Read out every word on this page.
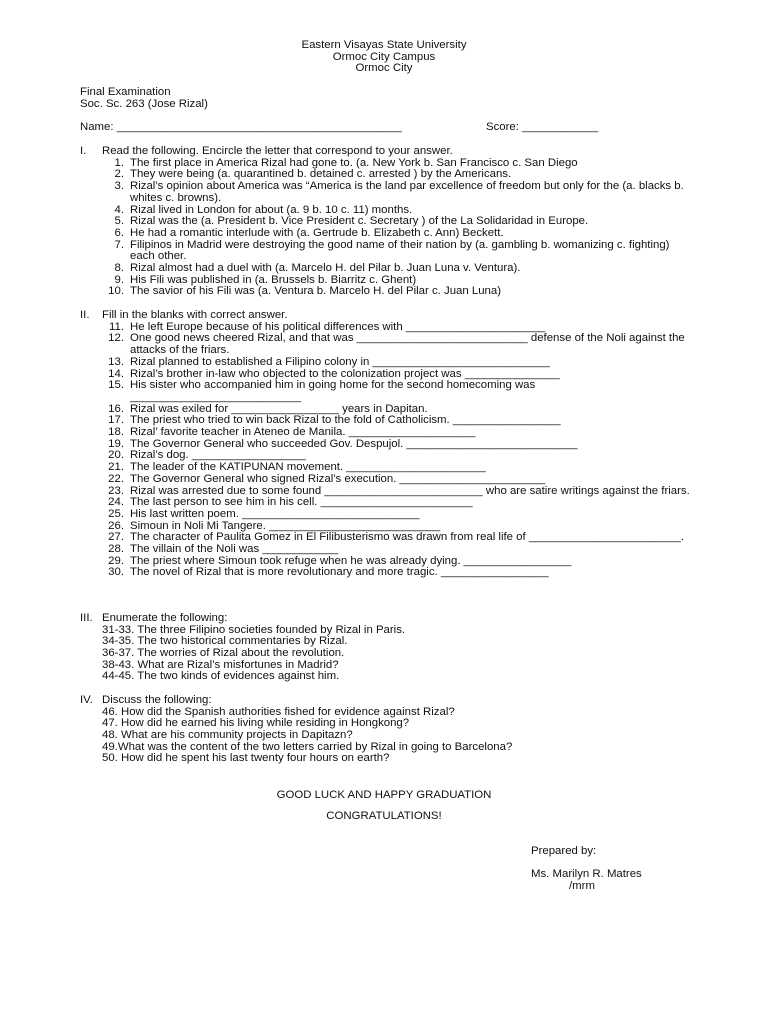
Eastern Visayas State University
Ormoc City Campus
Ormoc City
Final Examination
Soc. Sc. 263 (Jose Rizal)
Name: _____________________________________________	Score: ____________
I. Read the following. Encircle the letter that correspond to your answer.
1. The first place in America Rizal had gone to. (a. New York b. San Francisco c. San Diego
2. They were being (a. quarantined b. detained c. arrested ) by the Americans.
3. Rizal’s opinion about America was “America is the land par excellence of freedom but only for the (a. blacks b. whites c. browns).
4. Rizal lived in London for about (a. 9 b. 10 c. 11) months.
5. Rizal was the (a. President b. Vice President c. Secretary ) of the La Solidaridad in Europe.
6. He had a romantic interlude with (a. Gertrude b. Elizabeth c. Ann) Beckett.
7. Filipinos in Madrid were destroying the good name of their nation by (a. gambling b. womanizing c. fighting) each other.
8. Rizal almost had a duel with (a. Marcelo H. del Pilar b. Juan Luna v. Ventura).
9. His Fili was published in (a. Brussels b. Biarritz c. Ghent)
10. The savior of his Fili was (a. Ventura b. Marcelo H. del Pilar c. Juan Luna)
II. Fill in the blanks with correct answer.
11. He left Europe because of his political differences with ______________________
12. One good news cheered Rizal, and that was ___________________________ defense of the Noli against the attacks of the friars.
13. Rizal planned to established a Filipino colony in ____________________________
14. Rizal’s brother in-law who objected to the colonization project was _______________
15. His sister who accompanied him in going home for the second homecoming was ___________________________
16. Rizal was exiled for _________________ years in Dapitan.
17. The priest who tried to win back Rizal to the fold of Catholicism. _________________
18. Rizal’ favorite teacher in Ateneo de Manila. ____________________
19. The Governor General who succeeded Gov. Despujol. ___________________________
20. Rizal’s dog. __________________
21. The leader of the KATIPUNAN movement. ______________________
22. The Governor General who signed Rizal’s execution. _______________________
23. Rizal was arrested due to some found _________________________ who are satire writings against the friars.
24. The last person to see him in his cell. ________________________
25. His last written poem. ____________________________
26. Simoun in Noli Mi Tangere. ___________________________
27. The character of Paulita Gomez in El Filibusterismo was drawn from real life of ________________________.
28. The villain of the Noli was ____________
29. The priest where Simoun took refuge when he was already dying. _________________
30. The novel of Rizal that is more revolutionary and more tragic. _________________
III. Enumerate the following:
31-33. The three Filipino societies founded by Rizal in Paris.
34-35. The two historical commentaries by Rizal.
36-37. The worries of Rizal about the revolution.
38-43. What are Rizal’s misfortunes in Madrid?
44-45. The two kinds of evidences against him.
IV. Discuss the following:
46. How did the Spanish authorities fished for evidence against Rizal?
47. How did he earned his living while residing in Hongkong?
48. What are his community projects in Dapitazn?
49.What was the content of the two letters carried by Rizal in going to Barcelona?
50. How did he spent his last twenty four hours on earth?
GOOD LUCK AND HAPPY GRADUATION
CONGRATULATIONS!
Prepared by:
Ms. Marilyn R. Matres
/mrm
